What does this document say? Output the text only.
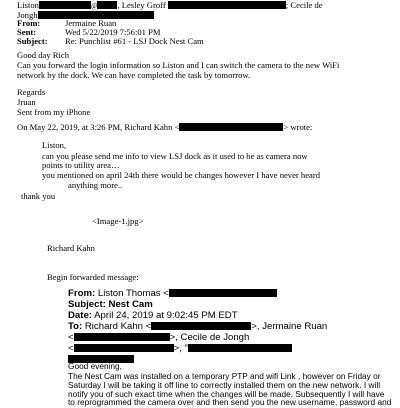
Liston	@ , Lesley Groff	; Cecile de
Jongh
From:	Jermaine Ruan
Sent:	Wed 5/22/2019 7:56:01 PM
Subject: Re: Punchlist #61 - LSJ Dock Nest Cam
Good day Rich
Can you forward the login information so Liston and I can switch the camera to the new WiFi
network by the dock. We can have completed the task by tomorrow.
Regards
Jruan
Sent from my iPhone
On May 22, 2019, at 3:26 PM, Richard Kahn <	> wrote:
Liston,
can you please send me info to view LSJ dock as it used to be as camera now
points to utility area…
you mentioned on april 24th there would be changes however I have never heard
anything more..
thank you
<Image-1.jpg>
Richard Kahn
Begin forwarded message:
From: Liston Thomas <
Subject: Nest Cam
Date: April 24, 2019 at 9:02:45 PM EDT
To: Richard Kahn <	>, Jermaine Ruan
<	>, Cecile de Jongh
<	>, "
Good evening,
The Nest Cam was installed on a temporary PTP and wifi Link , however on Friday or
Saturday I will be taking it off line to correctly installed them on the new network. I will
notify you of such exact time when the changes will be made. Subsequently I will have
to reprogrammed the camera over and then send you the new username, password and
